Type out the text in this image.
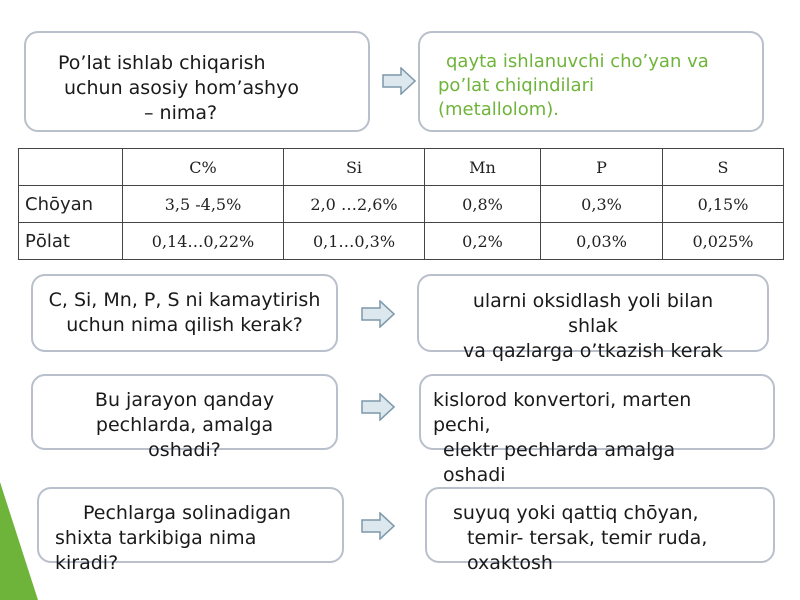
Po’lat ishlab chiqarish
uchun asosiy hom’ashyo
– nima?
qayta ishlanuvchi cho’yan va
po’lat chiqindilari
(metallolom).
	C%	Si	Mn	P	S
Chōyan	3,5 -4,5%	2,0 …2,6%	0,8%	0,3%	0,15%
Pōlat	0,14…0,22%	0,1…0,3%	0,2%	0,03%	0,025%
C, Si, Mn, P, S ni kamaytirish
uchun nima qilish kerak?
ularni oksidlash yoli bilan
shlak
va qazlarga o’tkazish kerak
Bu jarayon qanday
pechlarda, amalga
oshadi?
kislorod konvertori, marten
pechi,
elektr pechlarda amalga
oshadi
Pechlarga solinadigan
shixta tarkibiga nima
kiradi?
suyuq yoki qattiq chōyan,
temir- tersak, temir ruda,
oxaktosh
